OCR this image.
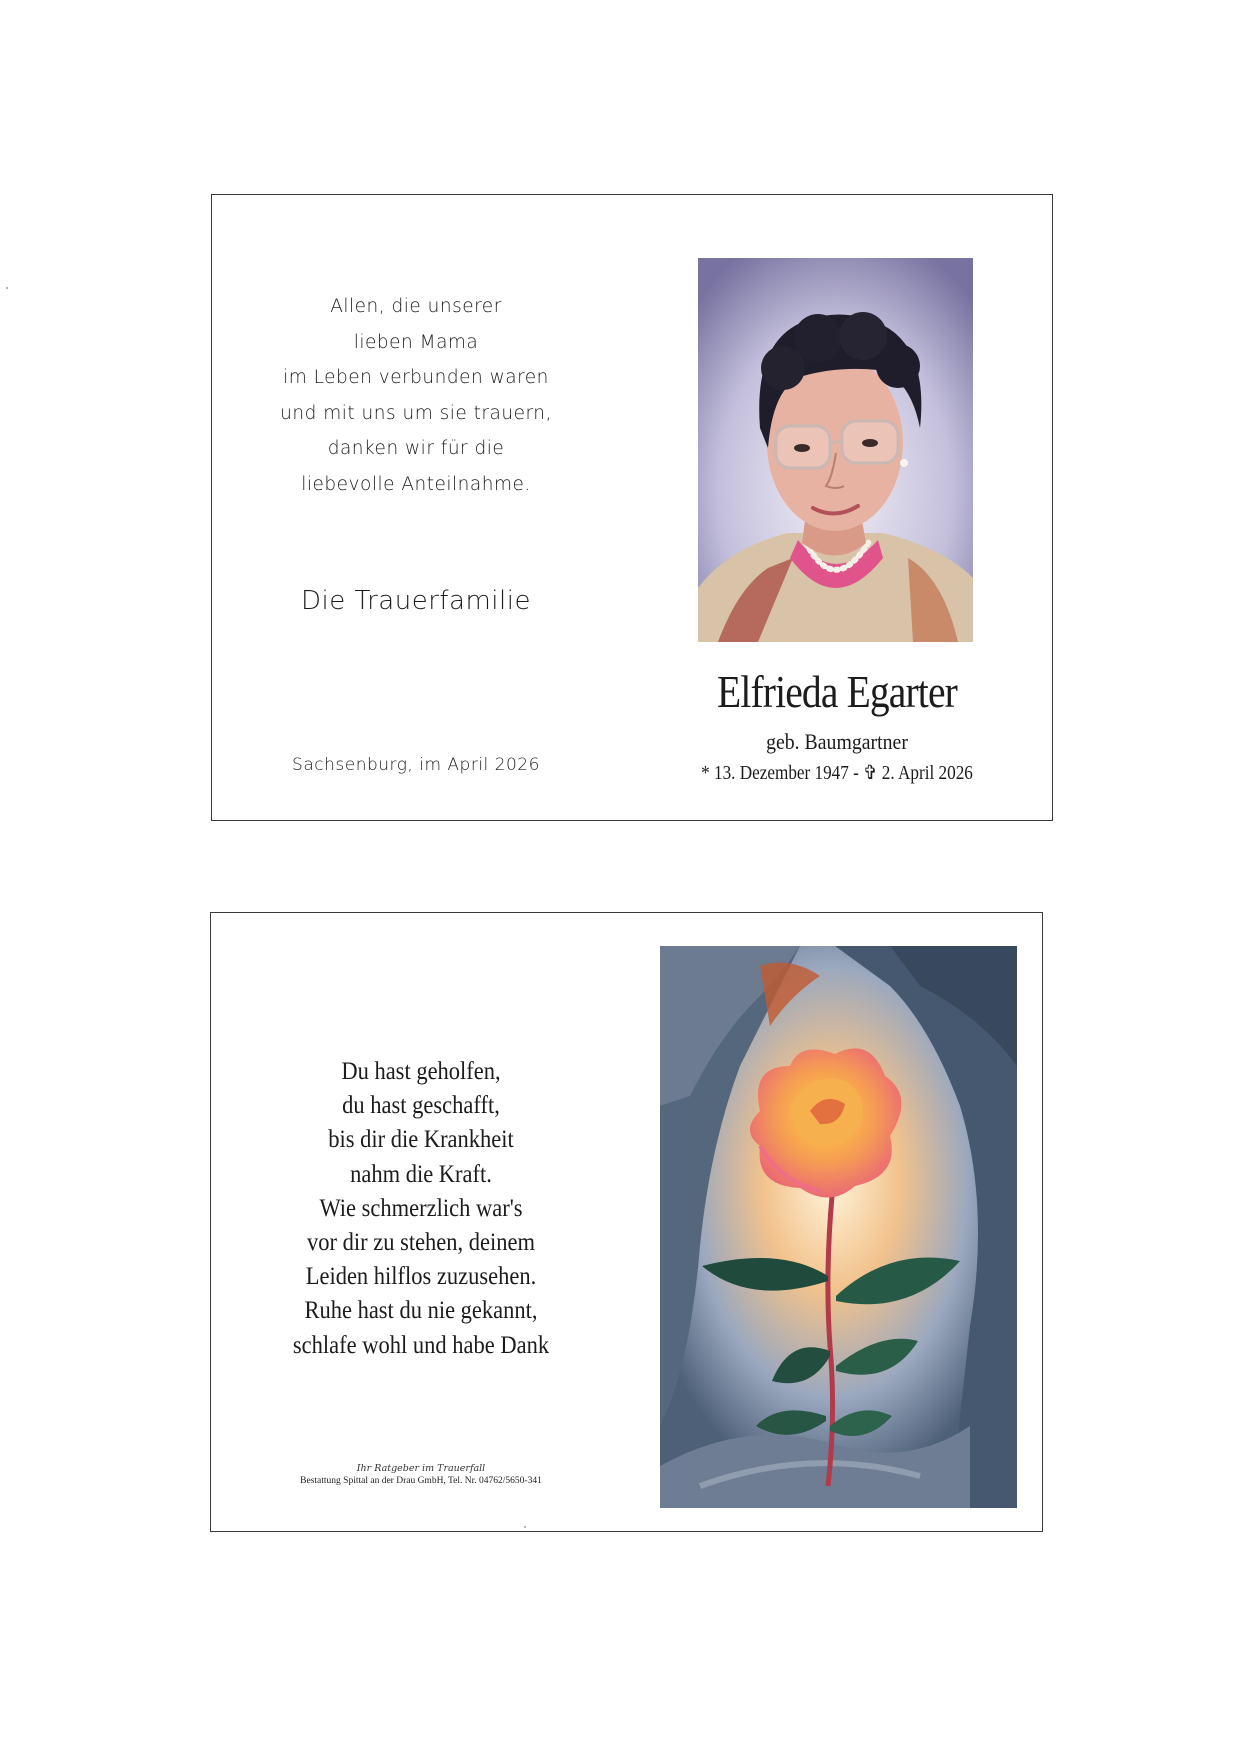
Allen, die unserer
lieben Mama
im Leben verbunden waren
und mit uns um sie trauern,
danken wir für die
liebevolle Anteilnahme.

Die Trauerfamilie
Sachsenburg, im April 2026
Elfrieda Egarter
geb. Baumgartner
* 13. Dezember 1947 - ✞ 2. April 2026

Du hast geholfen,
du hast geschafft,
bis dir die Krankheit
nahm die Kraft.
Wie schmerzlich war's
vor dir zu stehen, deinem
Leiden hilflos zuzusehen.
Ruhe hast du nie gekannt,
schlafe wohl und habe Dank

Ihr Ratgeber im Trauerfall
Bestattung Spittal an der Drau GmbH, Tel. Nr. 04762/5650-341
